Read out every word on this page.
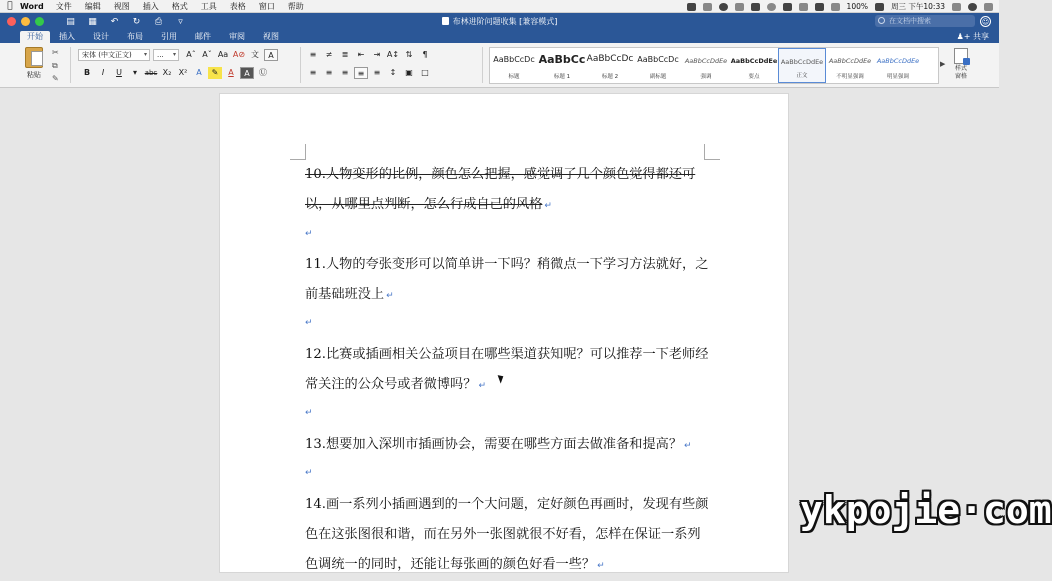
Word 文件 编辑 视图 插入 格式 工具 表格 窗口 帮助	100%	周三 下午10:33
▤ ▦	↶	↻	⎙	▿	布林进阶问题收集 [兼容模式]	在文档中搜索	☺
开始	插入	设计	布局	引用	邮件	审阅	视图	♟+ 共享
粘贴
✂
⧉
✎
宋体 (中文正文) ▾	... ▾ Aˆ Aˇ Aa A⊘ 文	A
B	I	U	▾	abc X₂ X²	A	✎	A	A	Ⓤ
≡	≠	≣	⇤	⇥ A↕ ⇅	¶
≡	≡	≡	≡	≡	↕	▣	□
AaBbCcDc
标题
AaBbCc
标题 1
AaBbCcDc
标题 2
AaBbCcDc
副标题
AaBbCcDdEe
强调
AaBbCcDdEe
要点
AaBbCcDdEe
正文
AaBbCcDdEe
不明显强调
AaBbCcDdEe
明显强调
▶
样式
窗格
10.人物变形的比例，颜色怎么把握，感觉调了几个颜色觉得都还可以，从哪里点判断，怎么行成自己的风格 ↵
↵
11.人物的夸张变形可以简单讲一下吗？稍微点一下学习方法就好，之前基础班没上 ↵
↵
12.比赛或插画相关公益项目在哪些渠道获知呢？可以推荐一下老师经常关注的公众号或者微博吗？ ↵
↵
13.想要加入深圳市插画协会，需要在哪些方面去做准备和提高？ ↵
↵
14.画一系列小插画遇到的一个大问题，定好颜色再画时，发现有些颜色在这张图很和谐，而在另外一张图就很不好看，怎样在保证一系列色调统一的同时，还能让每张画的颜色好看一些？ ↵
ykpojie·com
